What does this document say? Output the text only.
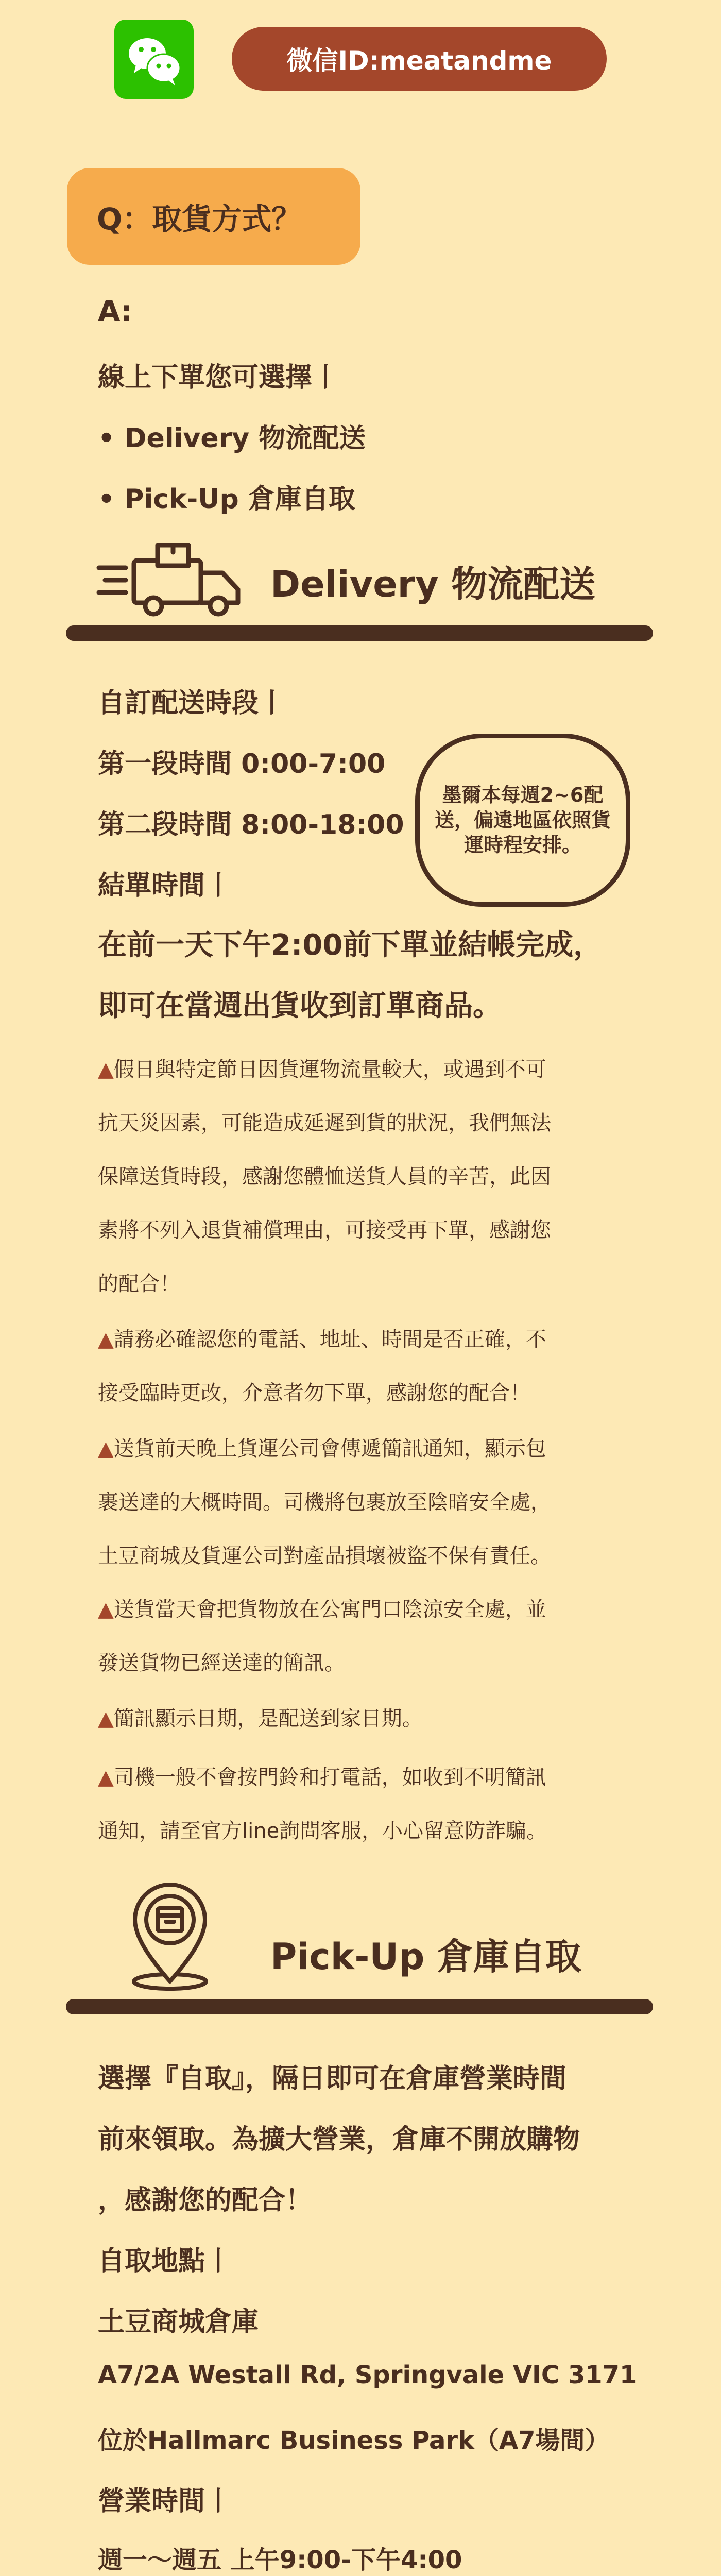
微信ID:meatandme
Q：取貨方式？
A:
線上下單您可選擇丨
• Delivery 物流配送
• Pick-Up 倉庫自取
Delivery 物流配送
自訂配送時段丨
第一段時間 0:00-7:00
第二段時間 8:00-18:00
墨爾本每週2~6配送，偏遠地區依照貨運時程安排。
結單時間丨
在前一天下午2:00前下單並結帳完成，
即可在當週出貨收到訂單商品。
▲假日與特定節日因貨運物流量較大，或遇到不可
抗天災因素，可能造成延遲到貨的狀況，我們無法
保障送貨時段，感謝您體恤送貨人員的辛苦，此因
素將不列入退貨補償理由，可接受再下單，感謝您
的配合！
▲請務必確認您的電話、地址、時間是否正確，不
接受臨時更改，介意者勿下單，感謝您的配合！
▲送貨前天晚上貨運公司會傳遞簡訊通知，顯示包
裹送達的大概時間。司機將包裹放至陰暗安全處，
土豆商城及貨運公司對產品損壞被盜不保有責任。
▲送貨當天會把貨物放在公寓門口陰涼安全處，並
發送貨物已經送達的簡訊。
▲簡訊顯示日期，是配送到家日期。
▲司機一般不會按門鈴和打電話，如收到不明簡訊
通知，請至官方line詢問客服，小心留意防詐騙。
Pick-Up 倉庫自取
選擇『自取』，隔日即可在倉庫營業時間
前來領取。為擴大營業，倉庫不開放購物
，感謝您的配合！
自取地點丨
土豆商城倉庫
A7/2A Westall Rd, Springvale VIC 3171
位於Hallmarc Business Park（A7場間）
營業時間丨
週一～週五 上午9:00-下午4:00
